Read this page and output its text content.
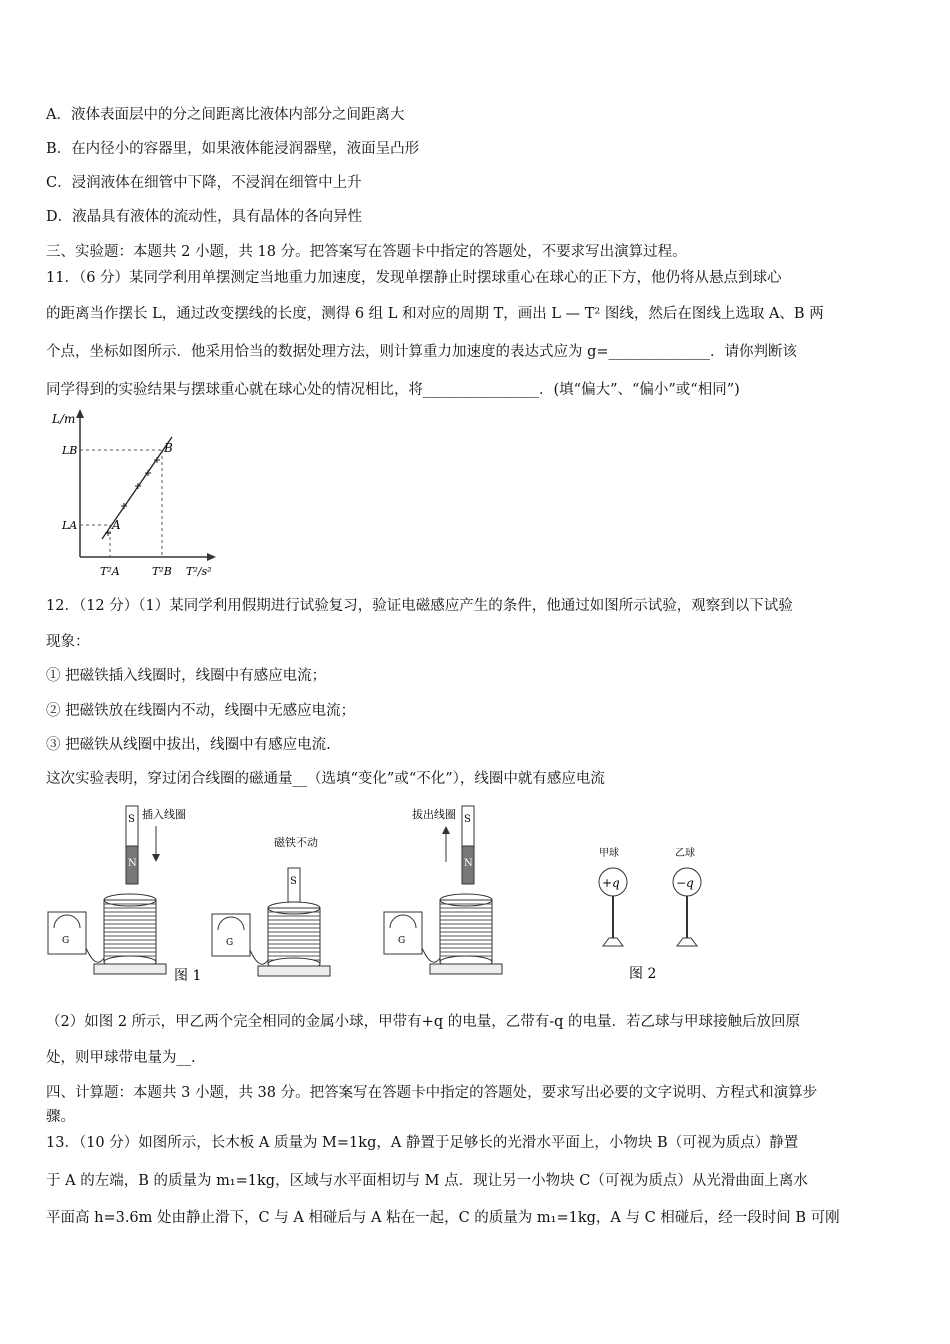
A．液体表面层中的分之间距离比液体内部分之间距离大
B．在内径小的容器里，如果液体能浸润器壁，液面呈凸形
C．浸润液体在细管中下降，不浸润在细管中上升
D．液晶具有液体的流动性，具有晶体的各向异性
三、实验题：本题共 2 小题，共 18 分。把答案写在答题卡中指定的答题处，不要求写出演算过程。
11．（6 分）某同学利用单摆测定当地重力加速度，发现单摆静止时摆球重心在球心的正下方，他仍将从悬点到球心
的距离当作摆长 L，通过改变摆线的长度，测得 6 组 L 和对应的周期 T，画出 L — T² 图线，然后在图线上选取 A、B 两
个点，坐标如图所示．他采用恰当的数据处理方法，则计算重力加速度的表达式应为 g=______________．请你判断该
同学得到的实验结果与摆球重心就在球心处的情况相比，将________________．(填“偏大”、“偏小”或“相同”)
L/m
LB
LA
B
A
T²A	T²B T²/s²
12．（12 分）（1）某同学利用假期进行试验复习，验证电磁感应产生的条件，他通过如图所示试验，观察到以下试验
现象：
① 把磁铁插入线圈时，线圈中有感应电流；
② 把磁铁放在线圈内不动，线圈中无感应电流；
③ 把磁铁从线圈中拔出，线圈中有感应电流.
这次实验表明，穿过闭合线圈的磁通量__（选填“变化”或“不化”），线圈中就有感应电流
S
N
插入线圈
G
磁铁不动
S
G
S
N
拔出线圈
G
图 1
甲球	乙球
+q	−q
图 2
（2）如图 2 所示，甲乙两个完全相同的金属小球，甲带有+q 的电量，乙带有-q 的电量．若乙球与甲球接触后放回原
处，则甲球带电量为__.
四、计算题：本题共 3 小题，共 38 分。把答案写在答题卡中指定的答题处，要求写出必要的文字说明、方程式和演算步
骤。
13．（10 分）如图所示，长木板 A 质量为 M=1kg，A 静置于足够长的光滑水平面上，小物块 B（可视为质点）静置
于 A 的左端，B 的质量为 m₁=1kg，区域与水平面相切与 M 点．现让另一小物块 C（可视为质点）从光滑曲面上离水
平面高 h=3.6m 处由静止滑下，C 与 A 相碰后与 A 粘在一起，C 的质量为 m₁=1kg，A 与 C 相碰后，经一段时间 B 可刚
